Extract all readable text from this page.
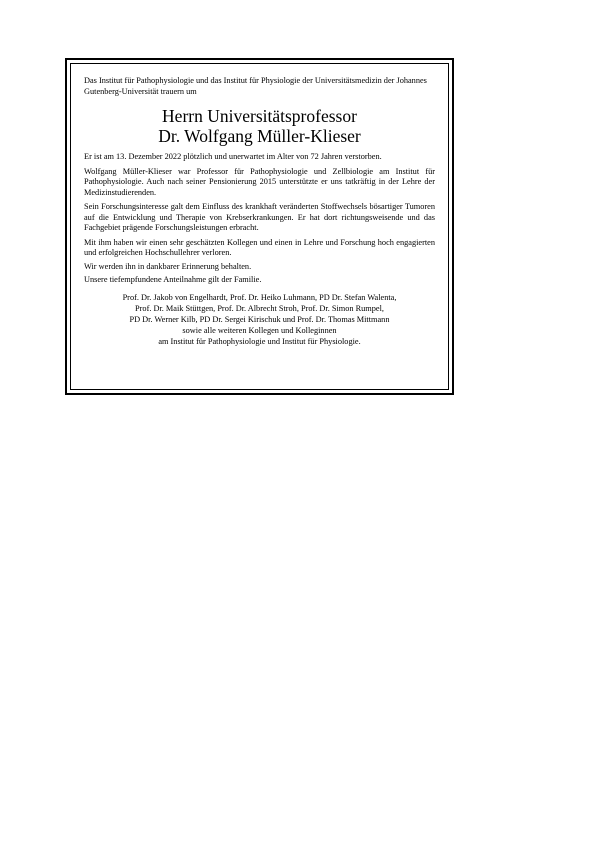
Das Institut für Pathophysiologie und das Institut für Physiologie der Universitätsmedizin der Johannes Gutenberg-Universität trauern um

Herrn Universitätsprofessor
Dr. Wolfgang Müller-Klieser

Er ist am 13. Dezember 2022 plötzlich und unerwartet im Alter von 72 Jahren verstorben.

Wolfgang Müller-Klieser war Professor für Pathophysiologie und Zellbiologie am Institut für Pathophysiologie. Auch nach seiner Pensionierung 2015 unterstützte er uns tatkräftig in der Lehre der Medizinstudierenden.

Sein Forschungsinteresse galt dem Einfluss des krankhaft veränderten Stoffwechsels bösartiger Tumoren auf die Entwicklung und Therapie von Krebserkrankungen. Er hat dort richtungsweisende und das Fachgebiet prägende Forschungsleistungen erbracht.

Mit ihm haben wir einen sehr geschätzten Kollegen und einen in Lehre und Forschung hoch engagierten und erfolgreichen Hochschullehrer verloren.

Wir werden ihn in dankbarer Erinnerung behalten.

Unsere tiefempfundene Anteilnahme gilt der Familie.

Prof. Dr. Jakob von Engelhardt, Prof. Dr. Heiko Luhmann, PD Dr. Stefan Walenta,
Prof. Dr. Maik Stüttgen, Prof. Dr. Albrecht Stroh, Prof. Dr. Simon Rumpel,
PD Dr. Werner Kilb, PD Dr. Sergei Kirischuk und Prof. Dr. Thomas Mittmann
sowie alle weiteren Kollegen und Kolleginnen
am Institut für Pathophysiologie und Institut für Physiologie.
